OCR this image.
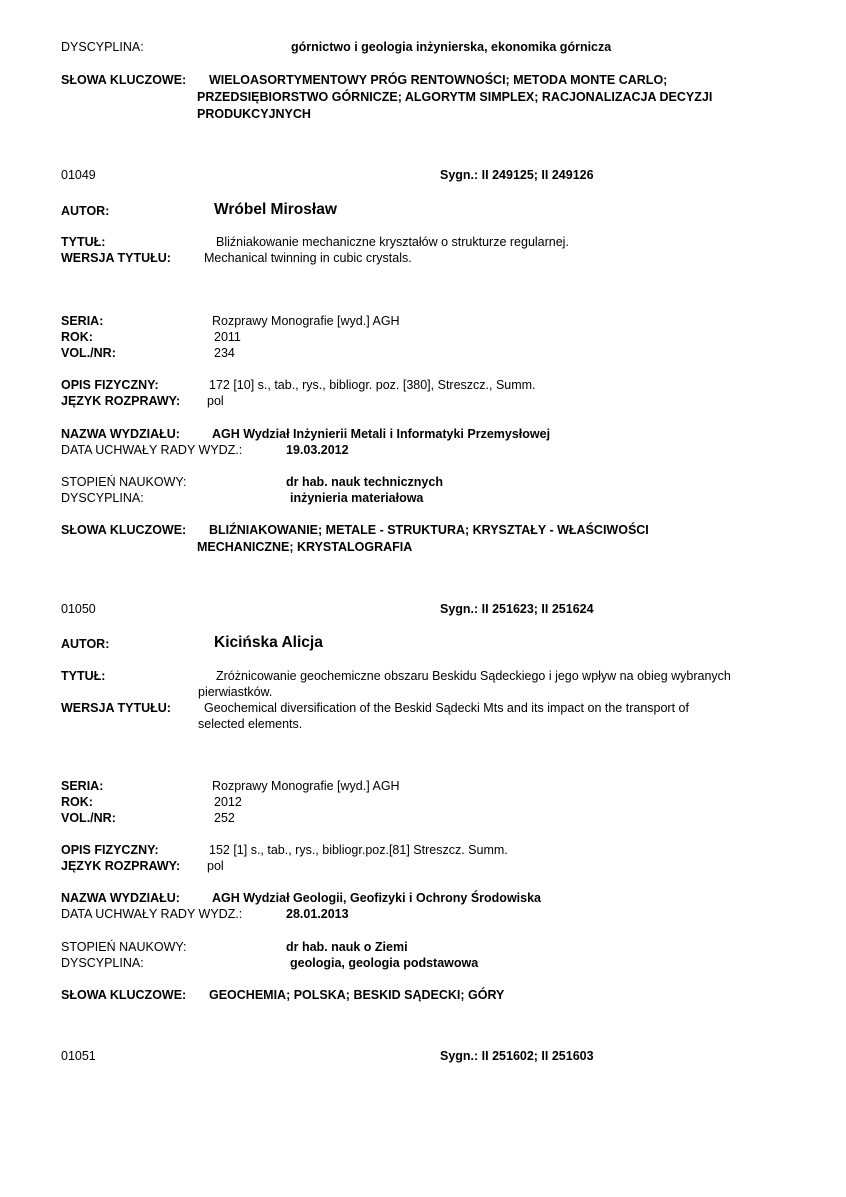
DYSCYPLINA:	górnictwo i geologia inżynierska, ekonomika górnicza
SŁOWA KLUCZOWE: WIELOASORTYMENTOWY PRÓG RENTOWNOŚCI; METODA MONTE CARLO;
PRZEDSIĘBIORSTWO GÓRNICZE; ALGORYTM SIMPLEX; RACJONALIZACJA DECYZJI
PRODUKCYJNYCH
01049	Sygn.: II 249125; II 249126
AUTOR:	Wróbel Mirosław
TYTUŁ:	Bliźniakowanie mechaniczne kryształów o strukturze regularnej.
WERSJA TYTUŁU:	Mechanical twinning in cubic crystals.
SERIA:	Rozprawy Monografie [wyd.] AGH
ROK:	2011
VOL./NR:	234
OPIS FIZYCZNY:	172 [10] s., tab., rys., bibliogr. poz. [380], Streszcz., Summ.
JĘZYK ROZPRAWY: pol
NAZWA WYDZIAŁU:	AGH Wydział Inżynierii Metali i Informatyki Przemysłowej
DATA UCHWAŁY RADY WYDZ.:	19.03.2012
STOPIEŃ NAUKOWY:	dr hab. nauk technicznych
DYSCYPLINA:	inżynieria materiałowa
SŁOWA KLUCZOWE: BLIŹNIAKOWANIE; METALE - STRUKTURA; KRYSZTAŁY - WŁAŚCIWOŚCI
MECHANICZNE; KRYSTALOGRAFIA
01050	Sygn.: II 251623; II 251624
AUTOR:	Kicińska Alicja
TYTUŁ:	Zróżnicowanie geochemiczne obszaru Beskidu Sądeckiego i jego wpływ na obieg wybranych
pierwiastków.
WERSJA TYTUŁU:	Geochemical diversification of the Beskid Sądecki Mts and its impact on the transport of
selected elements.
SERIA:	Rozprawy Monografie [wyd.] AGH
ROK:	2012
VOL./NR:	252
OPIS FIZYCZNY:	152 [1] s., tab., rys., bibliogr.poz.[81] Streszcz. Summ.
JĘZYK ROZPRAWY: pol
NAZWA WYDZIAŁU:	AGH Wydział Geologii, Geofizyki i Ochrony Środowiska
DATA UCHWAŁY RADY WYDZ.:	28.01.2013
STOPIEŃ NAUKOWY:	dr hab. nauk o Ziemi
DYSCYPLINA:	geologia, geologia podstawowa
SŁOWA KLUCZOWE: GEOCHEMIA; POLSKA; BESKID SĄDECKI; GÓRY
01051	Sygn.: II 251602; II 251603
